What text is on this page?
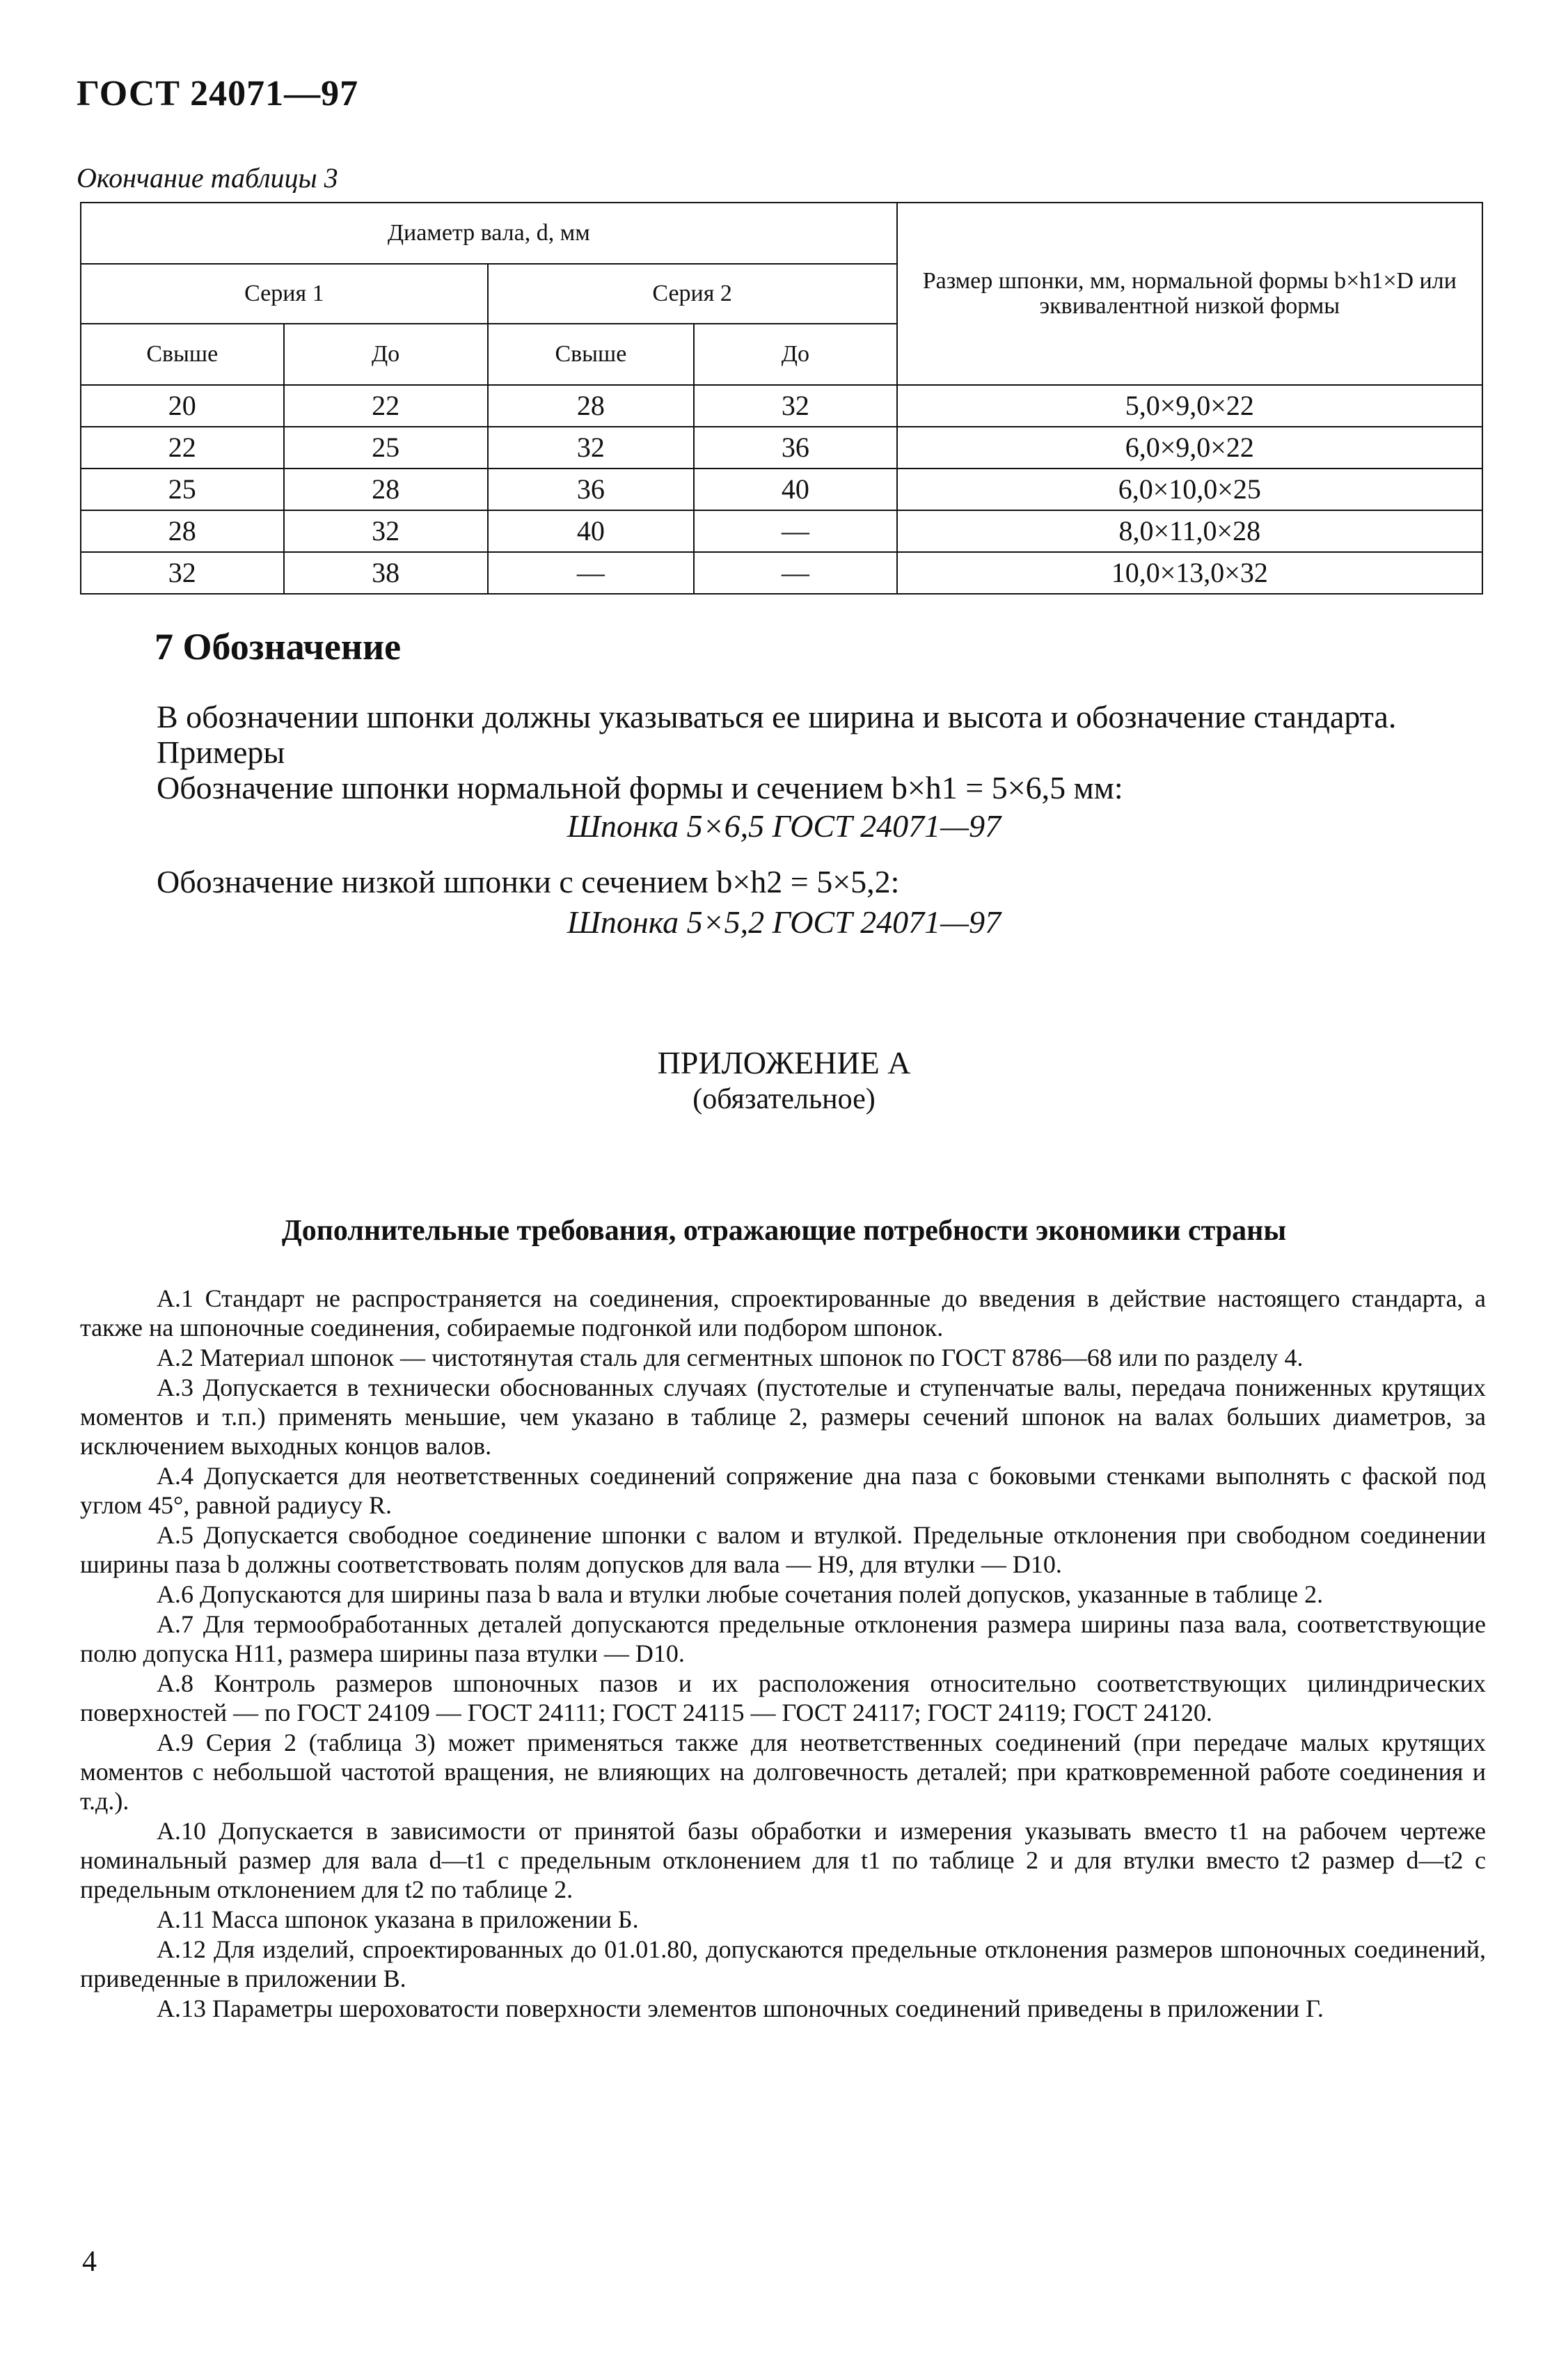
ГОСТ 24071—97
Окончание таблицы 3
Диаметр вала, d, мм				Размер шпонки, мм, нормальной формы b×h1×D или эквивалентной низкой формы
Серия 1		Серия 2		
Свыше	До	Свыше	До	
20	22	28	32	5,0×9,0×22
22	25	32	36	6,0×9,0×22
25	28	36	40	6,0×10,0×25
28	32	40	—	8,0×11,0×28
32	38	—	—	10,0×13,0×32
7 Обозначение
В обозначении шпонки должны указываться ее ширина и высота и обозначение стандарта.
Примеры
Обозначение шпонки нормальной формы и сечением b×h1 = 5×6,5 мм:
Шпонка 5×6,5 ГОСТ 24071—97
Обозначение низкой шпонки с сечением b×h2 = 5×5,2:
Шпонка 5×5,2 ГОСТ 24071—97
ПРИЛОЖЕНИЕ А
(обязательное)
Дополнительные требования, отражающие потребности экономики страны

А.1 Стандарт не распространяется на соединения, спроектированные до введения в действие настоящего стандарта, а также на шпоночные соединения, собираемые подгонкой или подбором шпонок.

А.2 Материал шпонок — чистотянутая сталь для сегментных шпонок по ГОСТ 8786—68 или по разделу 4.

А.3 Допускается в технически обоснованных случаях (пустотелые и ступенчатые валы, передача пониженных крутящих моментов и т.п.) применять меньшие, чем указано в таблице 2, размеры сечений шпонок на валах больших диаметров, за исключением выходных концов валов.

А.4 Допускается для неответственных соединений сопряжение дна паза с боковыми стенками выполнять с фаской под углом 45°, равной радиусу R.

А.5 Допускается свободное соединение шпонки с валом и втулкой. Предельные отклонения при свободном соединении ширины паза b должны соответствовать полям допусков для вала — H9, для втулки — D10.

А.6 Допускаются для ширины паза b вала и втулки любые сочетания полей допусков, указанные в таблице 2.

А.7 Для термообработанных деталей допускаются предельные отклонения размера ширины паза вала, соответствующие полю допуска H11, размера ширины паза втулки — D10.

А.8 Контроль размеров шпоночных пазов и их расположения относительно соответствующих цилиндрических поверхностей — по ГОСТ 24109 — ГОСТ 24111; ГОСТ 24115 — ГОСТ 24117; ГОСТ 24119; ГОСТ 24120.

А.9 Серия 2 (таблица 3) может применяться также для неответственных соединений (при передаче малых крутящих моментов с небольшой частотой вращения, не влияющих на долговечность деталей; при кратковременной работе соединения и т.д.).

А.10 Допускается в зависимости от принятой базы обработки и измерения указывать вместо t1 на рабочем чертеже номинальный размер для вала d—t1 с предельным отклонением для t1 по таблице 2 и для втулки вместо t2 размер d—t2 с предельным отклонением для t2 по таблице 2.

А.11 Масса шпонок указана в приложении Б.

А.12 Для изделий, спроектированных до 01.01.80, допускаются предельные отклонения размеров шпоночных соединений, приведенные в приложении В.

А.13 Параметры шероховатости поверхности элементов шпоночных соединений приведены в приложении Г.

4
